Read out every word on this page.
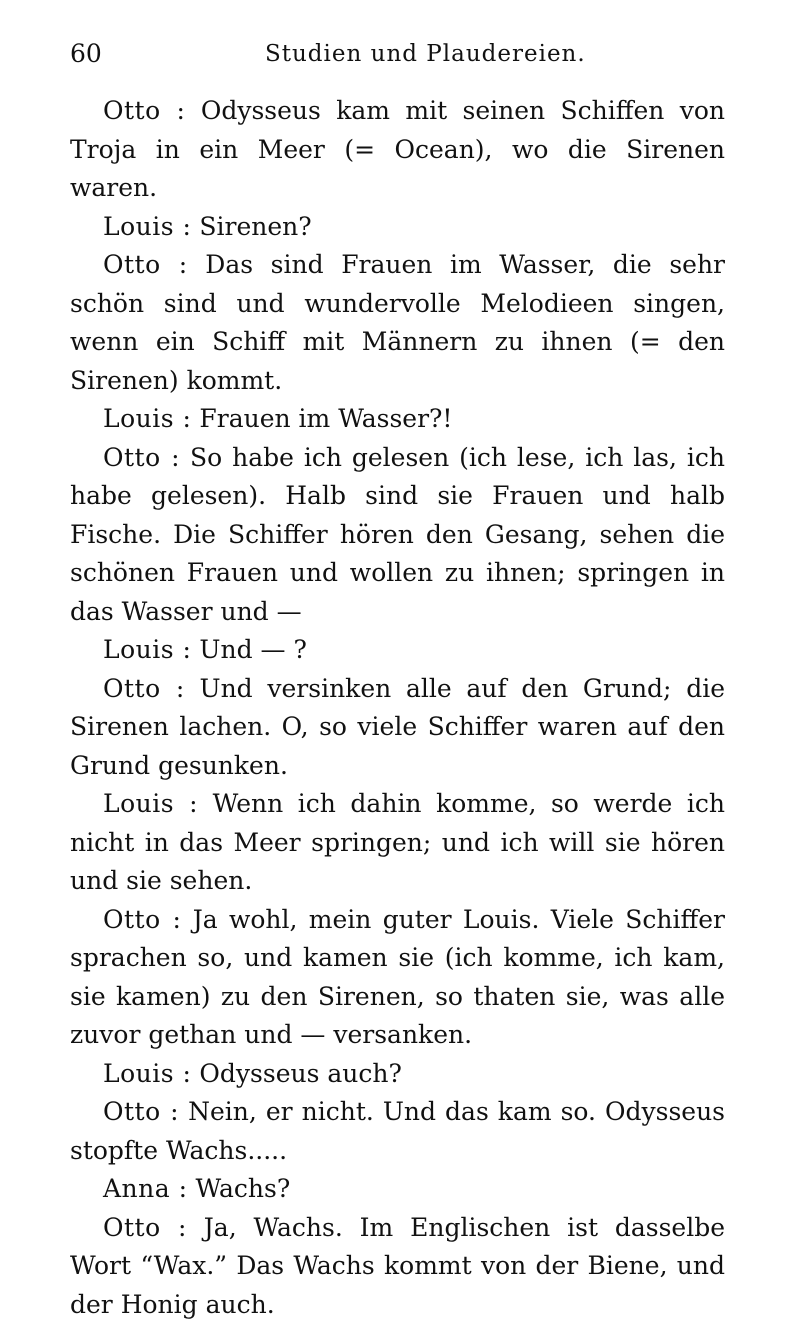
60	Studien und Plaudereien.

Otto : Odysseus kam mit seinen Schiffen von Troja in ein Meer (= Ocean), wo die Sirenen waren.

Louis : Sirenen?

Otto : Das sind Frauen im Wasser, die sehr schön sind und wundervolle Melodieen singen, wenn ein Schiff mit Männern zu ihnen (= den Sirenen) kommt.

Louis : Frauen im Wasser?!

Otto : So habe ich gelesen (ich lese, ich las, ich habe gelesen). Halb sind sie Frauen und halb Fische. Die Schiffer hören den Gesang, sehen die schönen Frauen und wollen zu ihnen; springen in das Wasser und —

Louis : Und — ?

Otto : Und versinken alle auf den Grund; die Sirenen lachen. O, so viele Schiffer waren auf den Grund gesunken.

Louis : Wenn ich dahin komme, so werde ich nicht in das Meer springen; und ich will sie hören und sie sehen.

Otto : Ja wohl, mein guter Louis. Viele Schiffer sprachen so, und kamen sie (ich komme, ich kam, sie kamen) zu den Sirenen, so thaten sie, was alle zuvor gethan und — versanken.

Louis : Odysseus auch?

Otto : Nein, er nicht. Und das kam so. Odysseus stopfte Wachs.....

Anna : Wachs?

Otto : Ja, Wachs. Im Englischen ist dasselbe Wort “Wax.” Das Wachs kommt von der Biene, und der Honig auch.
